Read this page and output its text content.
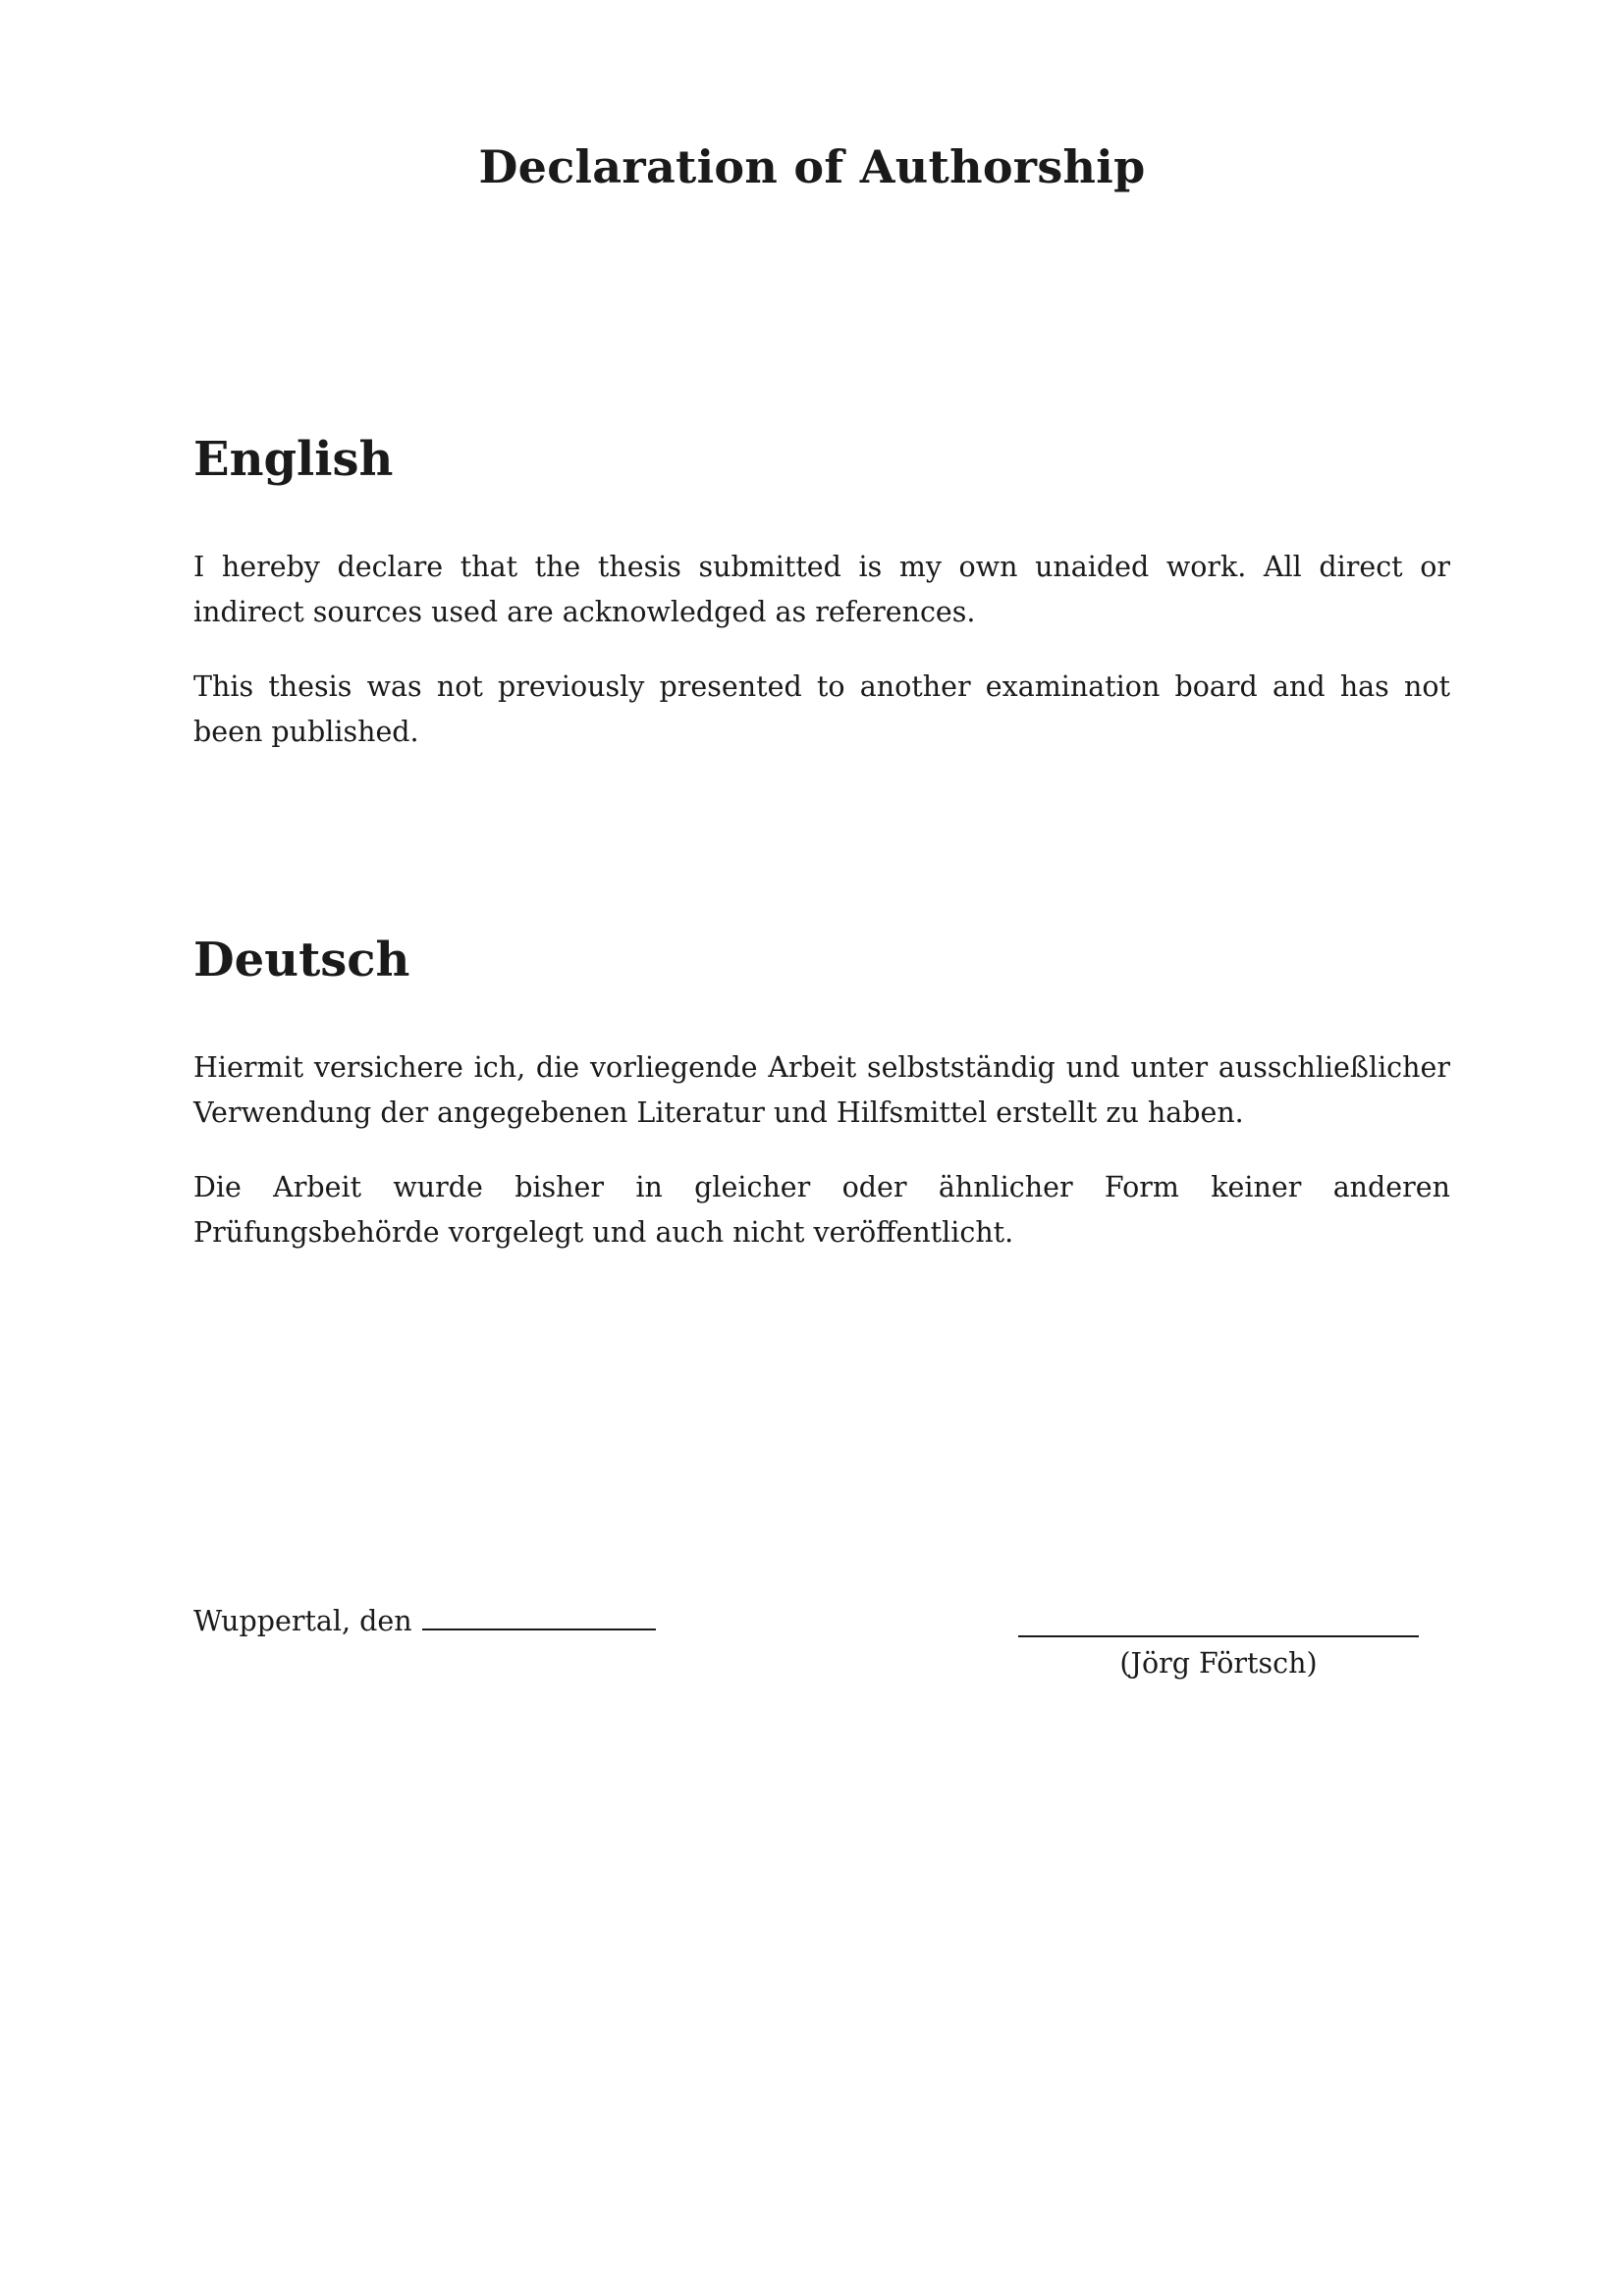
Declaration of Authorship
English

I hereby declare that the thesis submitted is my own unaided work. All direct or indirect sources used are acknowledged as references.

This thesis was not previously presented to another examination board and has not been published.

Deutsch

Hiermit versichere ich, die vorliegende Arbeit selbstständig und unter ausschließlicher Verwendung der angegebenen Literatur und Hilfsmittel erstellt zu haben.

Die Arbeit wurde bisher in gleicher oder ähnlicher Form keiner anderen Prüfungsbehörde vorgelegt und auch nicht veröffentlicht.

Wuppertal, den
(Jörg Förtsch)
